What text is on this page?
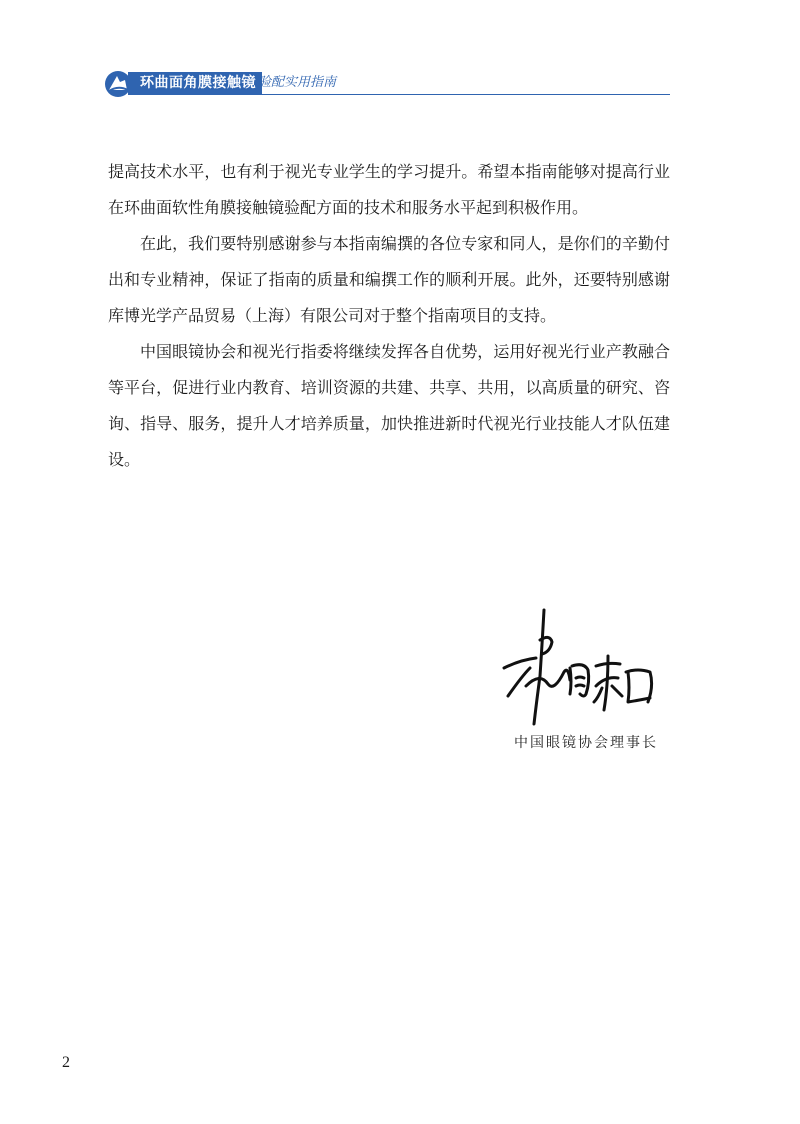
环曲面角膜接触镜 验配实用指南

提高技术水平，也有利于视光专业学生的学习提升。希望本指南能够对提高行业在环曲面软性角膜接触镜验配方面的技术和服务水平起到积极作用。

在此，我们要特别感谢参与本指南编撰的各位专家和同人，是你们的辛勤付出和专业精神，保证了指南的质量和编撰工作的顺利开展。此外，还要特别感谢库博光学产品贸易（上海）有限公司对于整个指南项目的支持。

中国眼镜协会和视光行指委将继续发挥各自优势，运用好视光行业产教融合等平台，促进行业内教育、培训资源的共建、共享、共用，以高质量的研究、咨询、指导、服务，提升人才培养质量，加快推进新时代视光行业技能人才队伍建设。

中国眼镜协会理事长
2
